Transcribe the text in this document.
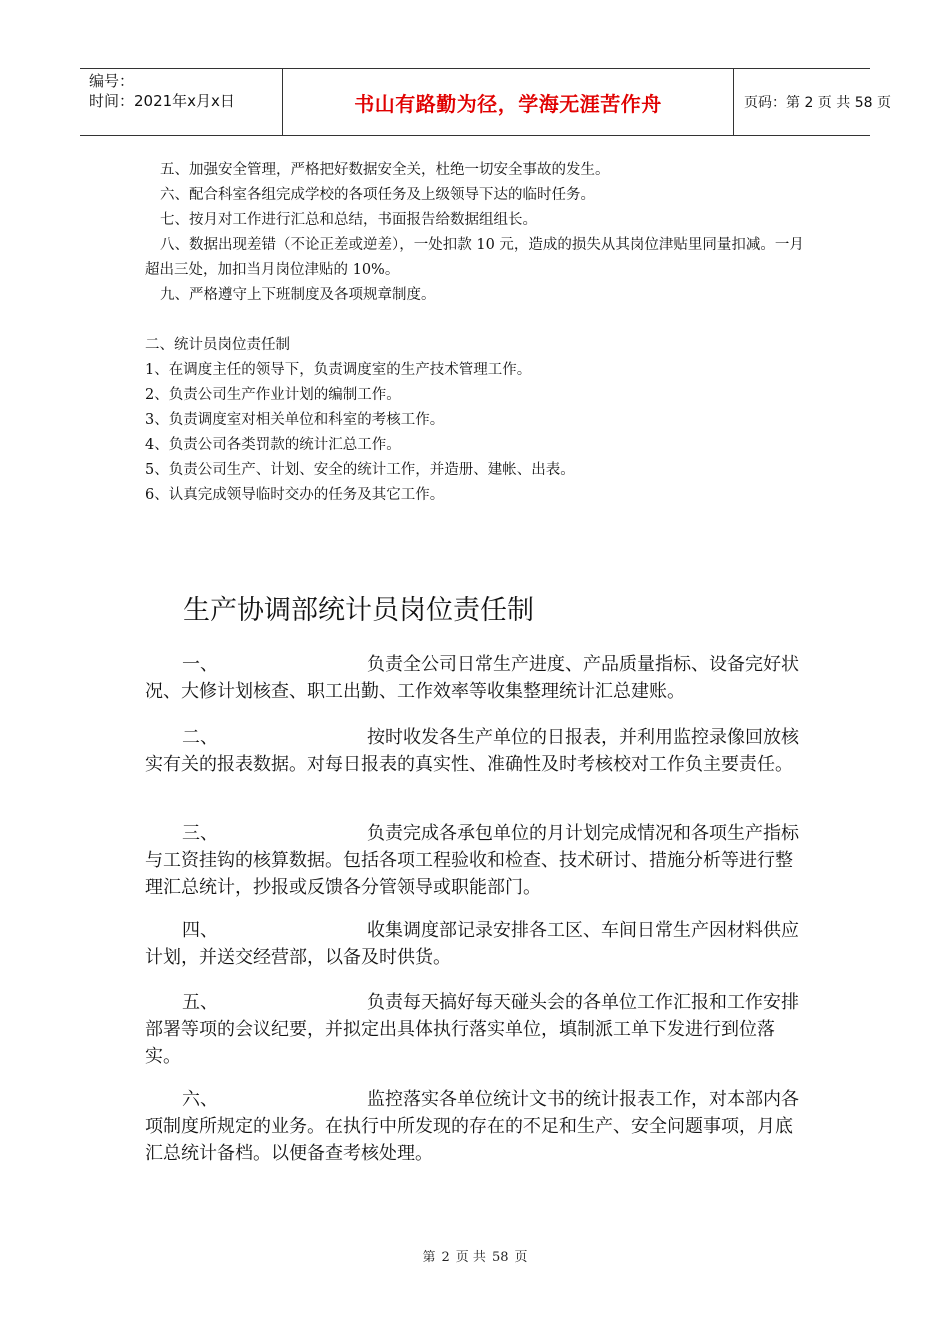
编号：
时间：2021年x月x日	书山有路勤为径，学海无涯苦作舟	页码：第 2 页 共 58 页

五、加强安全管理，严格把好数据安全关，杜绝一切安全事故的发生。

六、配合科室各组完成学校的各项任务及上级领导下达的临时任务。

七、按月对工作进行汇总和总结，书面报告给数据组组长。

八、数据出现差错（不论正差或逆差），一处扣款 10 元，造成的损失从其岗位津贴里同量扣减。一月超出三处，加扣当月岗位津贴的 10%。

九、严格遵守上下班制度及各项规章制度。

二、统计员岗位责任制

1、在调度主任的领导下，负责调度室的生产技术管理工作。

2、负责公司生产作业计划的编制工作。

3、负责调度室对相关单位和科室的考核工作。

4、负责公司各类罚款的统计汇总工作。

5、负责公司生产、计划、安全的统计工作，并造册、建帐、出表。

6、认真完成领导临时交办的任务及其它工作。

生产协调部统计员岗位责任制
一、	负责全公司日常生产进度、产品质量指标、设备完好状况、大修计划核查、职工出勤、工作效率等收集整理统计汇总建账。
二、	按时收发各生产单位的日报表，并利用监控录像回放核实有关的报表数据。对每日报表的真实性、准确性及时考核校对工作负主要责任。
三、	负责完成各承包单位的月计划完成情况和各项生产指标与工资挂钩的核算数据。包括各项工程验收和检查、技术研讨、措施分析等进行整理汇总统计，抄报或反馈各分管领导或职能部门。
四、	收集调度部记录安排各工区、车间日常生产因材料供应计划，并送交经营部，以备及时供货。
五、	负责每天搞好每天碰头会的各单位工作汇报和工作安排部署等项的会议纪要，并拟定出具体执行落实单位，填制派工单下发进行到位落实。
六、	监控落实各单位统计文书的统计报表工作，对本部内各项制度所规定的业务。在执行中所发现的存在的不足和生产、安全问题事项，月底汇总统计备档。以便备查考核处理。
第 2 页 共 58 页
